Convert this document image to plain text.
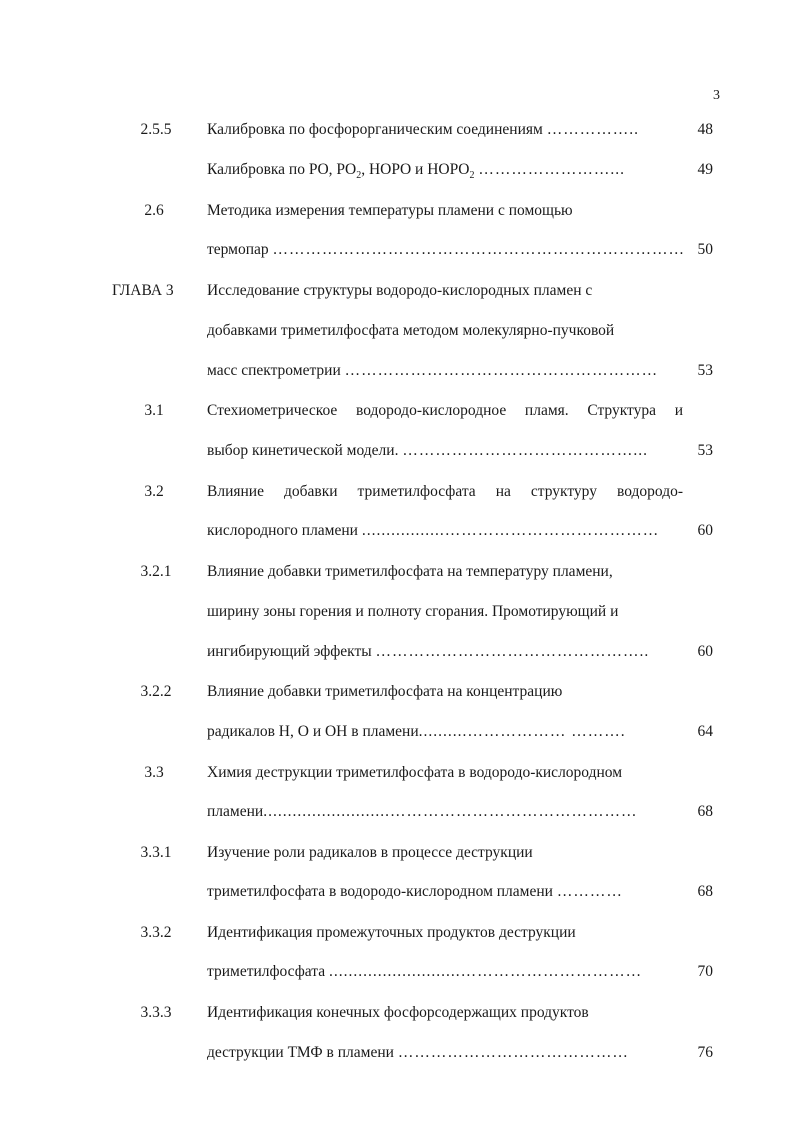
3
2.5.5	Калибровка по фосфорорганическим соединениям ……………..	48
Калибровка по PO, $PO_2$, HOPO и $HOPO_2$ ……………………...	49
2.6	Методика измерения температуры пламени с помощью
термопар ………………………………………………………………… 50
ГЛАВА 3	Исследование структуры водородо-кислородных пламен с
добавками триметилфосфата методом молекулярно-пучковой
масс спектрометрии …………………………………………………	53
3.1	Стехиометрическое водородо-кислородное пламя. Структура и
выбор кинетической модели. ……………………………………...	53
3.2	Влияние добавки триметилфосфата на структуру водородо-
кислородного пламени .................…………………………………	60
3.2.1	Влияние добавки триметилфосфата на температуру пламени,
ширину зоны горения и полноту сгорания. Промотирующий и
ингибирующий эффекты …………………………………………..	60
3.2.2	Влияние добавки триметилфосфата на концентрацию
радикалов H, O и OH в пламени..........……………… ……….	64
3.3	Химия деструкции триметилфосфата в водородо-кислородном
пламени..........................………………………………………	68
3.3.1	Изучение роли радикалов в процессе деструкции
триметилфосфата в водородо-кислородном пламени …………	68
3.3.2	Идентификация промежуточных продуктов деструкции
триметилфосфата ...........................……………………………	70
3.3.3	Идентификация конечных фосфорсодержащих продуктов
деструкции ТМФ в пламени ……………………………………	76
